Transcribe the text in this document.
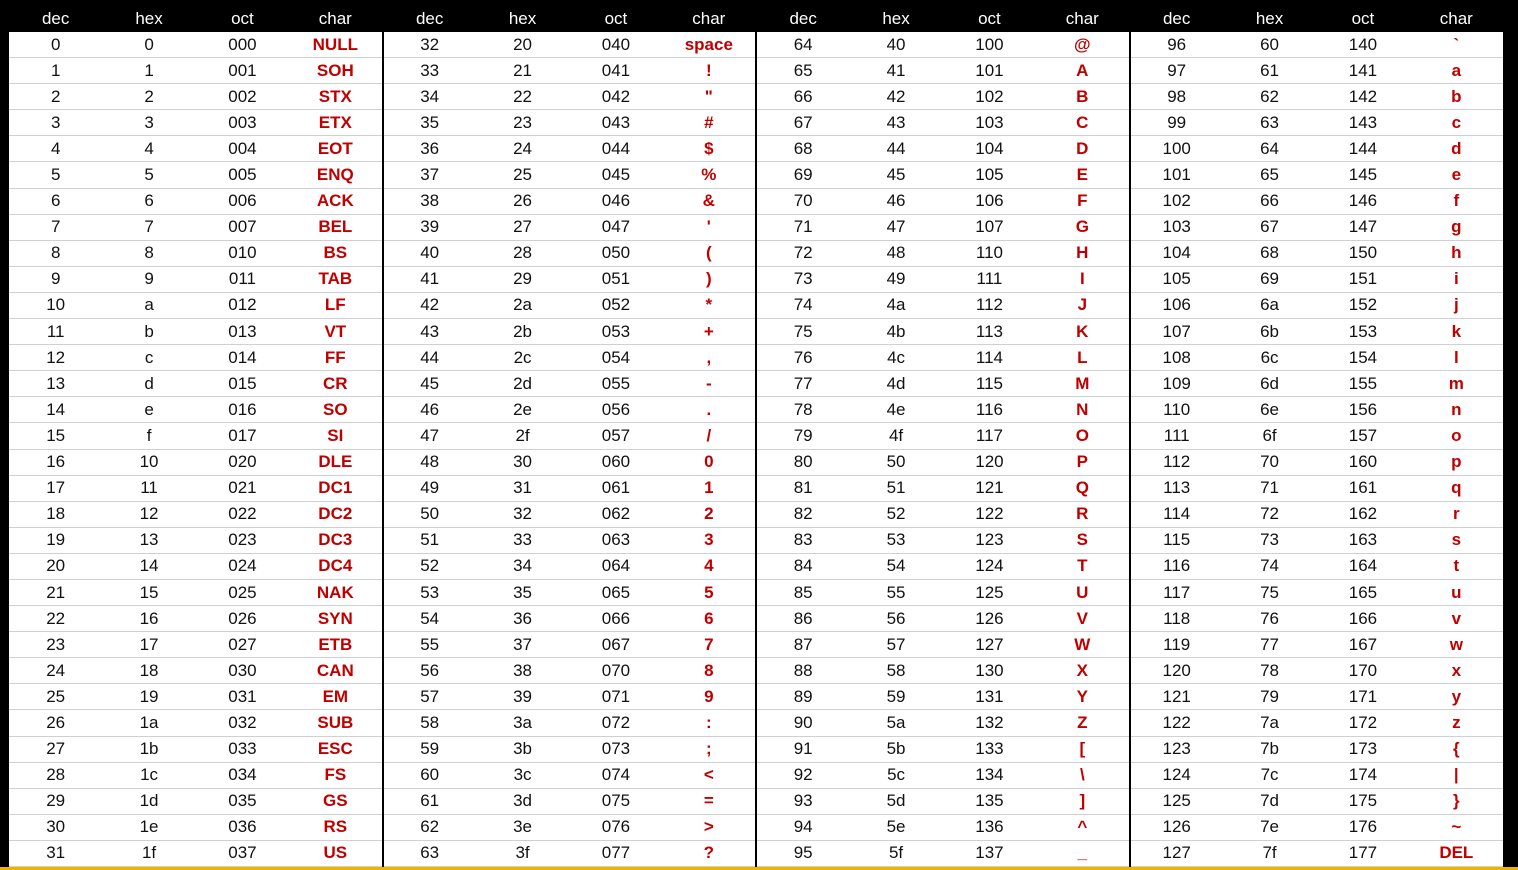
dec	hex	oct	char	dec	hex	oct	char	dec	hex	oct	char	dec	hex	oct	char
0	0	000	NULL	32	20	040	space	64	40	100	@	96	60	140	`
1	1	001	SOH	33	21	041	!	65	41	101	A	97	61	141	a
2	2	002	STX	34	22	042	"	66	42	102	B	98	62	142	b
3	3	003	ETX	35	23	043	#	67	43	103	C	99	63	143	c
4	4	004	EOT	36	24	044	$	68	44	104	D	100	64	144	d
5	5	005	ENQ	37	25	045	%	69	45	105	E	101	65	145	e
6	6	006	ACK	38	26	046	&	70	46	106	F	102	66	146	f
7	7	007	BEL	39	27	047	'	71	47	107	G	103	67	147	g
8	8	010	BS	40	28	050	(	72	48	110	H	104	68	150	h
9	9	011	TAB	41	29	051	)	73	49	111	I	105	69	151	i
10	a	012	LF	42	2a	052	*	74	4a	112	J	106	6a	152	j
11	b	013	VT	43	2b	053	+	75	4b	113	K	107	6b	153	k
12	c	014	FF	44	2c	054	,	76	4c	114	L	108	6c	154	l
13	d	015	CR	45	2d	055	-	77	4d	115	M	109	6d	155	m
14	e	016	SO	46	2e	056	.	78	4e	116	N	110	6e	156	n
15	f	017	SI	47	2f	057	/	79	4f	117	O	111	6f	157	o
16	10	020	DLE	48	30	060	0	80	50	120	P	112	70	160	p
17	11	021	DC1	49	31	061	1	81	51	121	Q	113	71	161	q
18	12	022	DC2	50	32	062	2	82	52	122	R	114	72	162	r
19	13	023	DC3	51	33	063	3	83	53	123	S	115	73	163	s
20	14	024	DC4	52	34	064	4	84	54	124	T	116	74	164	t
21	15	025	NAK	53	35	065	5	85	55	125	U	117	75	165	u
22	16	026	SYN	54	36	066	6	86	56	126	V	118	76	166	v
23	17	027	ETB	55	37	067	7	87	57	127	W	119	77	167	w
24	18	030	CAN	56	38	070	8	88	58	130	X	120	78	170	x
25	19	031	EM	57	39	071	9	89	59	131	Y	121	79	171	y
26	1a	032	SUB	58	3a	072	:	90	5a	132	Z	122	7a	172	z
27	1b	033	ESC	59	3b	073	;	91	5b	133	[	123	7b	173	{
28	1c	034	FS	60	3c	074	<	92	5c	134	\	124	7c	174	|
29	1d	035	GS	61	3d	075	=	93	5d	135	]	125	7d	175	}
30	1e	036	RS	62	3e	076	>	94	5e	136	^	126	7e	176	~
31	1f	037	US	63	3f	077	?	95	5f	137	_	127	7f	177	DEL
